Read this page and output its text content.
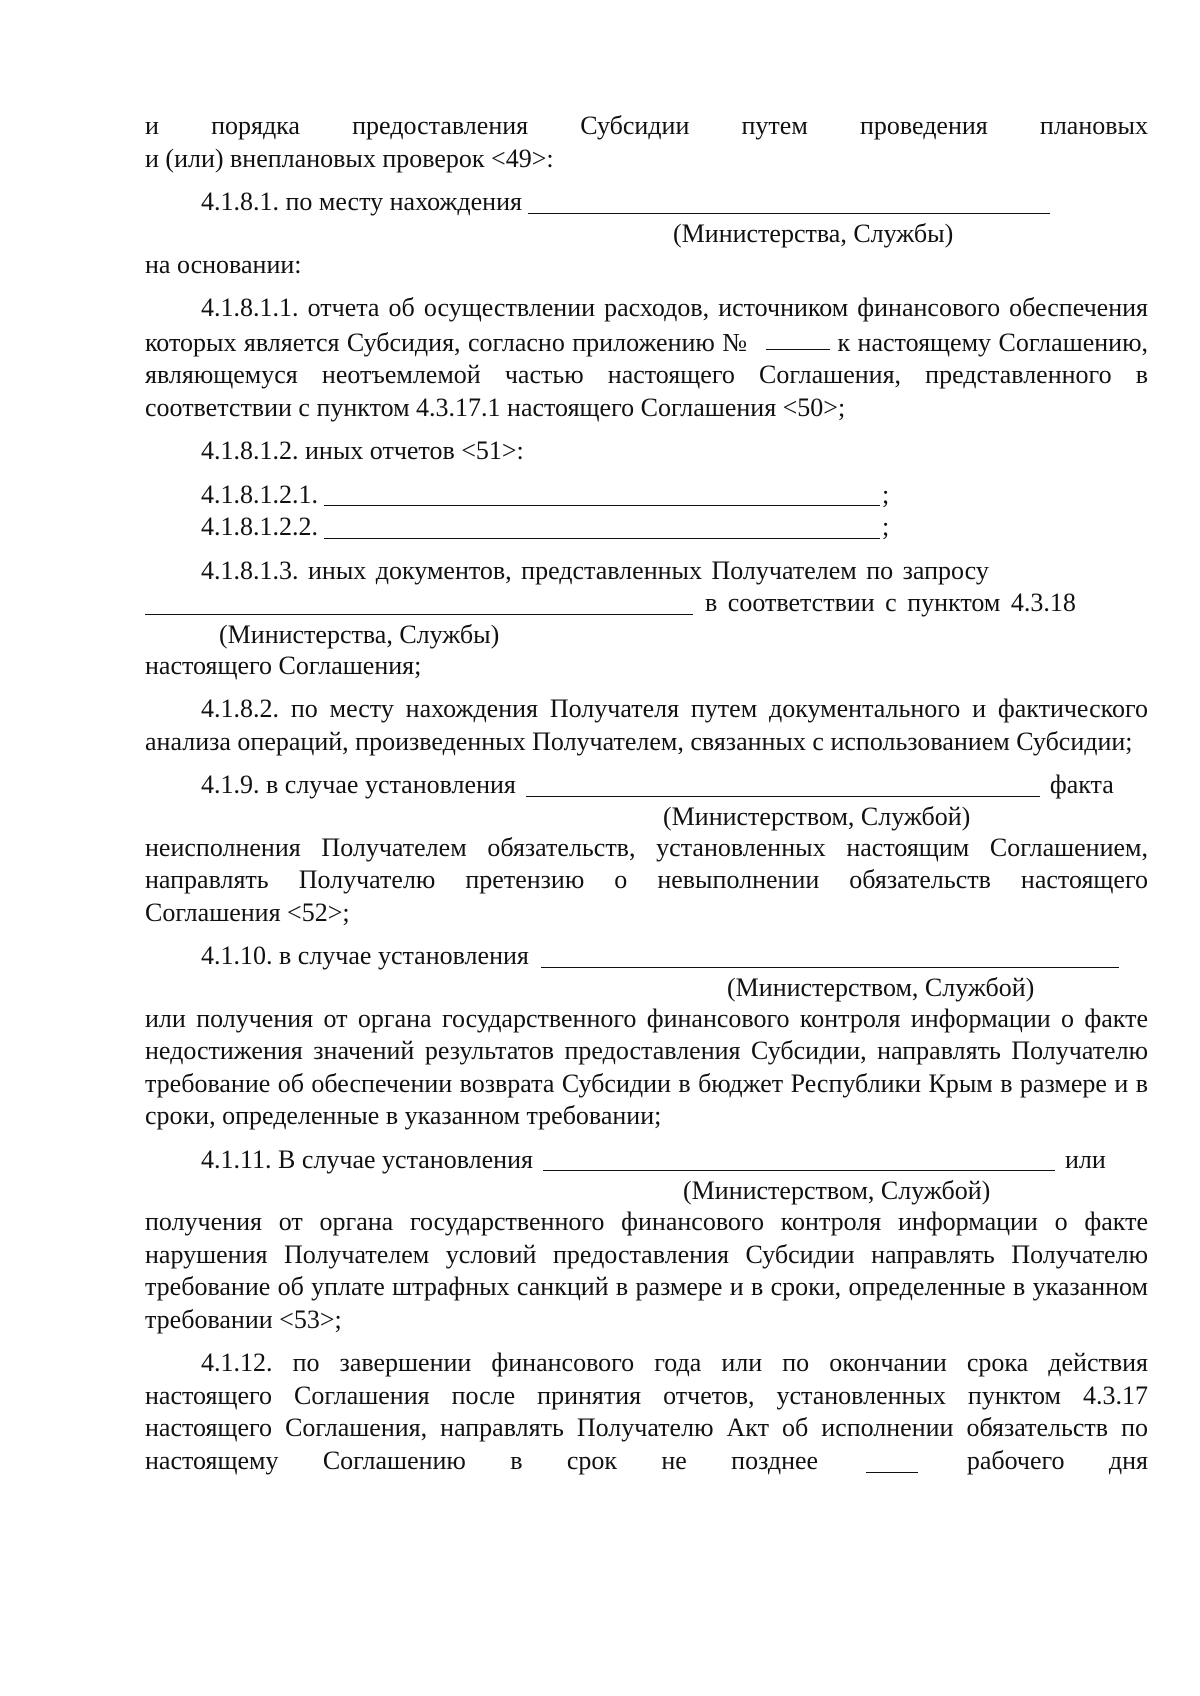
и порядка предоставления Субсидии путем проведения плановых

и (или) внеплановых проверок <49>:

4.1.8.1. по месту нахождения
(Министерства, Службы)

на основании:

4.1.8.1.1. отчета об осуществлении расходов, источником финансового обеспечения которых является Субсидия, согласно приложению №	к настоящему Соглашению, являющемуся неотъемлемой частью настоящего Соглашения, представленного в соответствии с пунктом 4.3.17.1 настоящего Соглашения <50>;

4.1.8.1.2. иных отчетов <51>:

4.1.8.1.2.1.	;
4.1.8.1.2.2.	;

4.1.8.1.3. иных документов, представленных Получателем по запросу

в соответствии с пунктом 4.3.18
(Министерства, Службы)

настоящего Соглашения;

4.1.8.2. по месту нахождения Получателя путем документального и фактического анализа операций, произведенных Получателем, связанных с использованием Субсидии;

4.1.9. в случае установления	факта
(Министерством, Службой)

неисполнения Получателем обязательств, установленных настоящим Соглашением, направлять Получателю претензию о невыполнении обязательств настоящего Соглашения <52>;

4.1.10. в случае установления
(Министерством, Службой)

или получения от органа государственного финансового контроля информации о факте недостижения значений результатов предоставления Субсидии, направлять Получателю требование об обеспечении возврата Субсидии в бюджет Республики Крым в размере и в сроки, определенные в указанном требовании;

4.1.11. В случае установления	или
(Министерством, Службой)

получения от органа государственного финансового контроля информации о факте нарушения Получателем условий предоставления Субсидии направлять Получателю требование об уплате штрафных санкций в размере и в сроки, определенные в указанном требовании <53>;

4.1.12. по завершении финансового года или по окончании срока действия настоящего Соглашения после принятия отчетов, установленных пунктом 4.3.17 настоящего Соглашения, направлять Получателю Акт об исполнении обязательств по настоящему Соглашению в срок не позднее	рабочего дня
